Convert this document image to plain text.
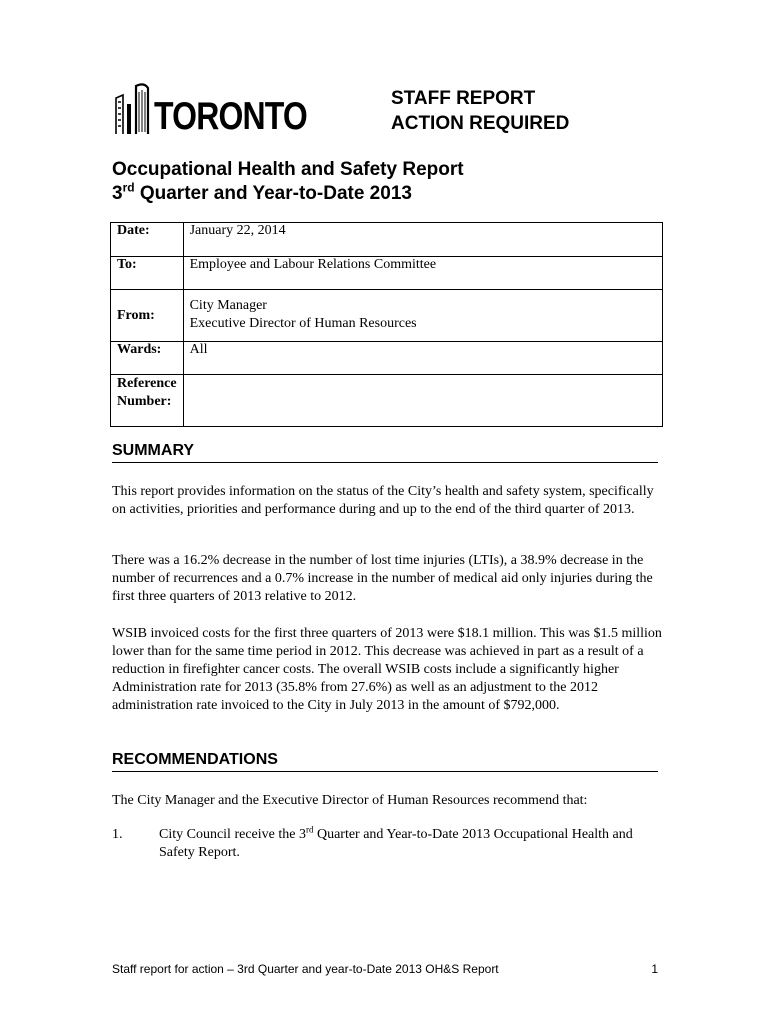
TORONTO	STAFF REPORT
ACTION REQUIRED
Occupational Health and Safety Report
3rd Quarter and Year-to-Date 2013
Date:	January 22, 2014
To:	Employee and Labour Relations Committee
From:	City Manager
Executive Director of Human Resources

Wards:	All

Reference
Number:	

SUMMARY

This report provides information on the status of the City’s health and safety system, specifically on activities, priorities and performance during and up to the end of the third quarter of 2013.

There was a 16.2% decrease in the number of lost time injuries (LTIs), a 38.9% decrease in the number of recurrences and a 0.7% increase in the number of medical aid only injuries during the first three quarters of 2013 relative to 2012.

WSIB invoiced costs for the first three quarters of 2013 were $18.1 million. This was $1.5 million lower than for the same time period in 2012. This decrease was achieved in part as a result of a reduction in firefighter cancer costs. The overall WSIB costs include a significantly higher Administration rate for 2013 (35.8% from 27.6%) as well as an adjustment to the 2012 administration rate invoiced to the City in July 2013 in the amount of $792,000.

RECOMMENDATIONS

The City Manager and the Executive Director of Human Resources recommend that:

1.	City Council receive the 3rd Quarter and Year-to-Date 2013 Occupational Health and Safety Report.
Staff report for action – 3rd Quarter and year-to-Date 2013 OH&S Report	1
